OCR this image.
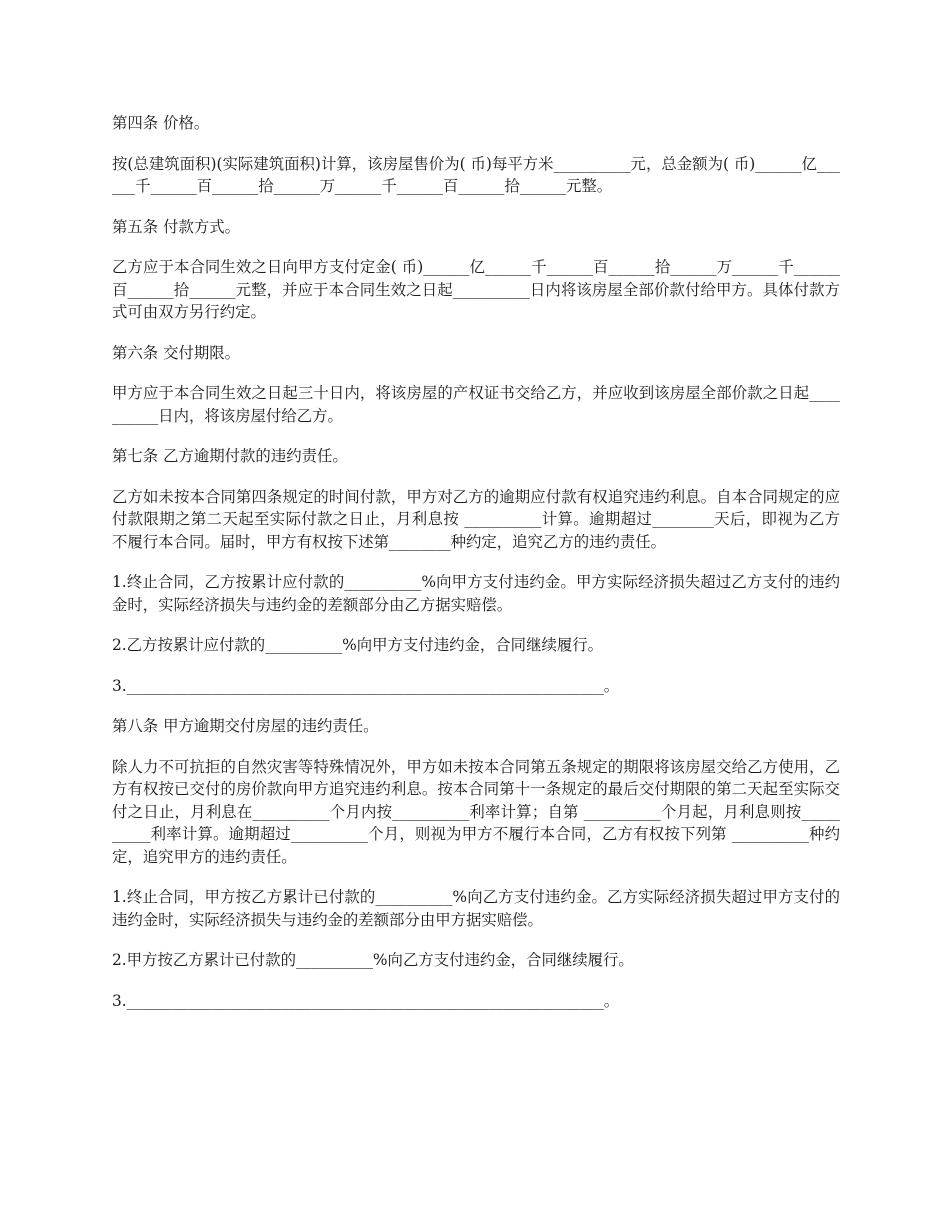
第四条 价格。

按(总建筑面积)(实际建筑面积)计算，该房屋售价为( 币)每平方米__________元，总金额为( 币)______亿______千______百______拾______万______千______百______拾______元整。

第五条 付款方式。

乙方应于本合同生效之日向甲方支付定金( 币)______亿______千______百______拾______万______千______ 百______拾______元整，并应于本合同生效之日起__________日内将该房屋全部价款付给甲方。具体付款方式可由双方另行约定。

第六条 交付期限。

甲方应于本合同生效之日起三十日内，将该房屋的产权证书交给乙方，并应收到该房屋全部价款之日起__________日内，将该房屋付给乙方。

第七条 乙方逾期付款的违约责任。

乙方如未按本合同第四条规定的时间付款，甲方对乙方的逾期应付款有权追究违约利息。自本合同规定的应付款限期之第二天起至实际付款之日止，月利息按 __________计算。逾期超过________天后，即视为乙方不履行本合同。届时，甲方有权按下述第________种约定，追究乙方的违约责任。

1.终止合同，乙方按累计应付款的__________%向甲方支付违约金。甲方实际经济损失超过乙方支付的违约金时，实际经济损失与违约金的差额部分由乙方据实赔偿。

2.乙方按累计应付款的__________%向甲方支付违约金，合同继续履行。

3.______________________________________________________________。

第八条 甲方逾期交付房屋的违约责任。

除人力不可抗拒的自然灾害等特殊情况外，甲方如未按本合同第五条规定的期限将该房屋交给乙方使用，乙方有权按已交付的房价款向甲方追究违约利息。按本合同第十一条规定的最后交付期限的第二天起至实际交付之日止，月利息在__________个月内按__________利率计算；自第 __________个月起，月利息则按__________利率计算。逾期超过__________个月，则视为甲方不履行本合同，乙方有权按下列第 __________种约定，追究甲方的违约责任。

1.终止合同，甲方按乙方累计已付款的__________%向乙方支付违约金。乙方实际经济损失超过甲方支付的违约金时，实际经济损失与违约金的差额部分由甲方据实赔偿。

2.甲方按乙方累计已付款的__________%向乙方支付违约金，合同继续履行。

3.______________________________________________________________。
